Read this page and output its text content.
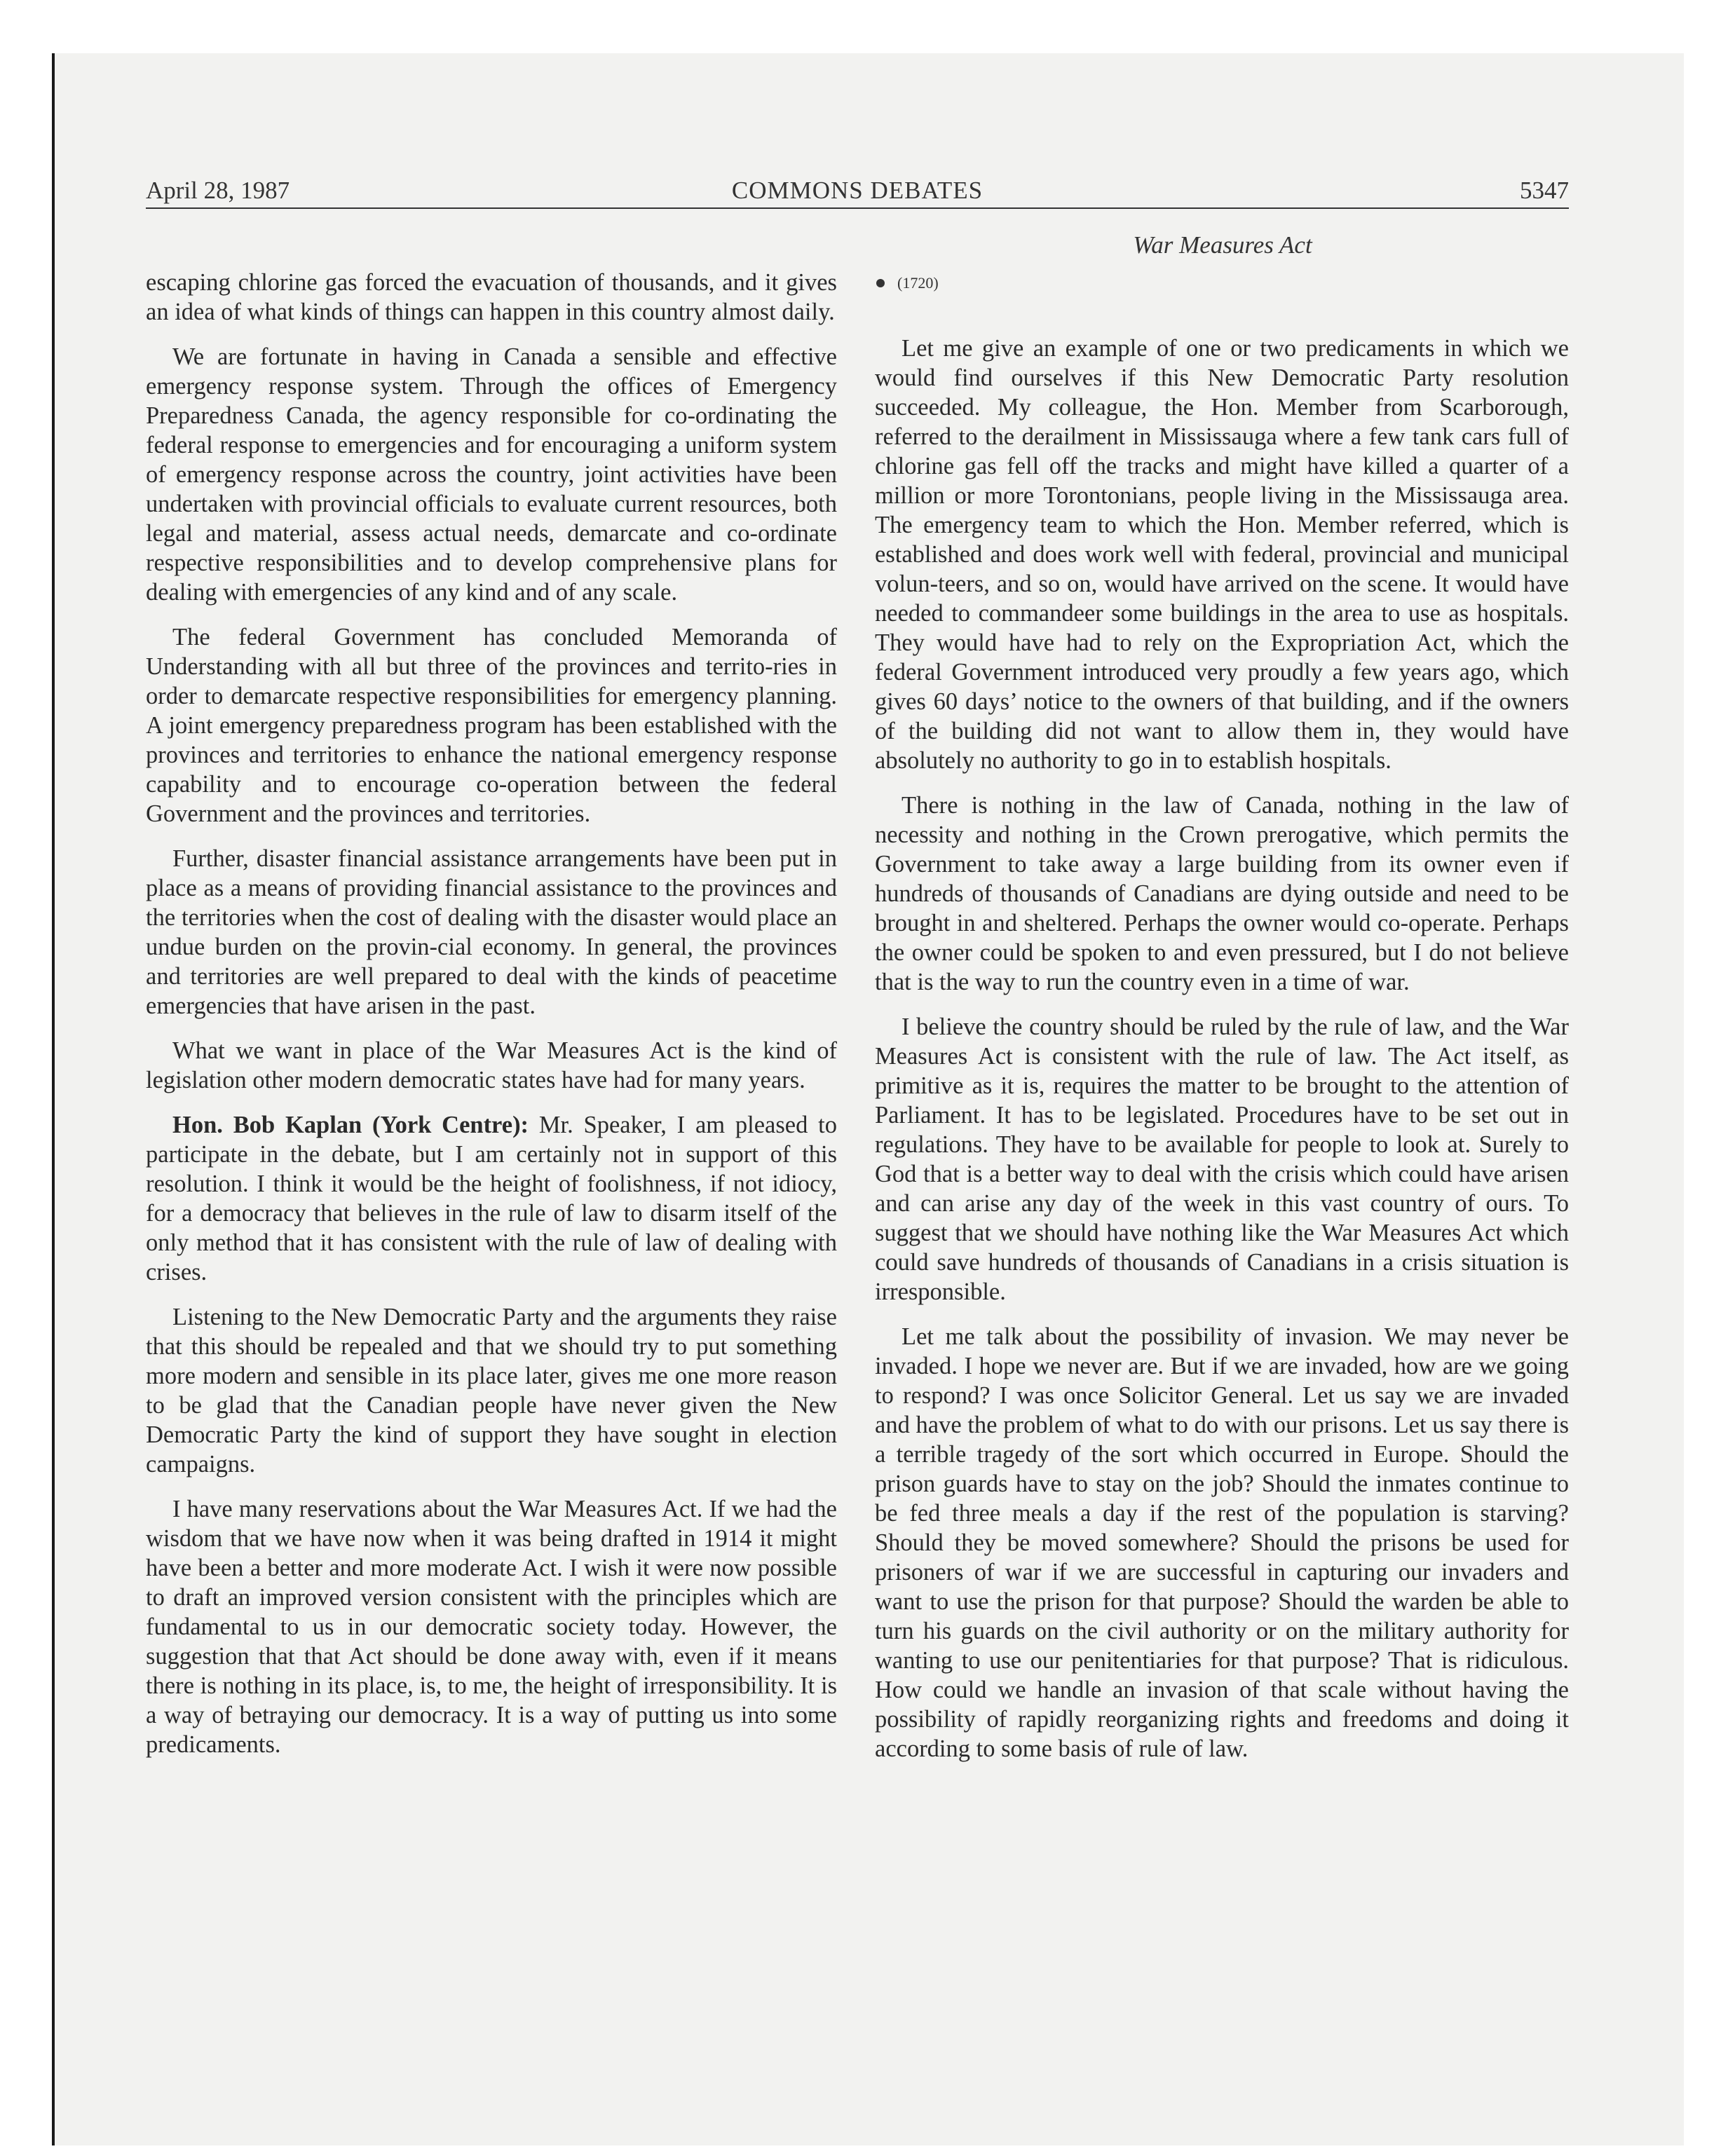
April 28, 1987	COMMONS DEBATES	5347
War Measures Act

escaping chlorine gas forced the evacuation of thousands, and it gives an idea of what kinds of things can happen in this country almost daily.

We are fortunate in having in Canada a sensible and effective emergency response system. Through the offices of Emergency Preparedness Canada, the agency responsible for co-ordinating the federal response to emergencies and for encouraging a uniform system of emergency response across the country, joint activities have been undertaken with provincial officials to evaluate current resources, both legal and material, assess actual needs, demarcate and co-ordinate respective responsibilities and to develop comprehensive plans for dealing with emergencies of any kind and of any scale.

The federal Government has concluded Memoranda of Understanding with all but three of the provinces and territo-ries in order to demarcate respective responsibilities for emergency planning. A joint emergency preparedness program has been established with the provinces and territories to enhance the national emergency response capability and to encourage co-operation between the federal Government and the provinces and territories.

Further, disaster financial assistance arrangements have been put in place as a means of providing financial assistance to the provinces and the territories when the cost of dealing with the disaster would place an undue burden on the provin-cial economy. In general, the provinces and territories are well prepared to deal with the kinds of peacetime emergencies that have arisen in the past.

What we want in place of the War Measures Act is the kind of legislation other modern democratic states have had for many years.

Hon. Bob Kaplan (York Centre): Mr. Speaker, I am pleased to participate in the debate, but I am certainly not in support of this resolution. I think it would be the height of foolishness, if not idiocy, for a democracy that believes in the rule of law to disarm itself of the only method that it has consistent with the rule of law of dealing with crises.

Listening to the New Democratic Party and the arguments they raise that this should be repealed and that we should try to put something more modern and sensible in its place later, gives me one more reason to be glad that the Canadian people have never given the New Democratic Party the kind of support they have sought in election campaigns.

I have many reservations about the War Measures Act. If we had the wisdom that we have now when it was being drafted in 1914 it might have been a better and more moderate Act. I wish it were now possible to draft an improved version consistent with the principles which are fundamental to us in our democratic society today. However, the suggestion that that Act should be done away with, even if it means there is nothing in its place, is, to me, the height of irresponsibility. It is a way of betraying our democracy. It is a way of putting us into some predicaments.

(1720)

Let me give an example of one or two predicaments in which we would find ourselves if this New Democratic Party resolution succeeded. My colleague, the Hon. Member from Scarborough, referred to the derailment in Mississauga where a few tank cars full of chlorine gas fell off the tracks and might have killed a quarter of a million or more Torontonians, people living in the Mississauga area. The emergency team to which the Hon. Member referred, which is established and does work well with federal, provincial and municipal volun-teers, and so on, would have arrived on the scene. It would have needed to commandeer some buildings in the area to use as hospitals. They would have had to rely on the Expropriation Act, which the federal Government introduced very proudly a few years ago, which gives 60 days’ notice to the owners of that building, and if the owners of the building did not want to allow them in, they would have absolutely no authority to go in to establish hospitals.

There is nothing in the law of Canada, nothing in the law of necessity and nothing in the Crown prerogative, which permits the Government to take away a large building from its owner even if hundreds of thousands of Canadians are dying outside and need to be brought in and sheltered. Perhaps the owner would co-operate. Perhaps the owner could be spoken to and even pressured, but I do not believe that is the way to run the country even in a time of war.

I believe the country should be ruled by the rule of law, and the War Measures Act is consistent with the rule of law. The Act itself, as primitive as it is, requires the matter to be brought to the attention of Parliament. It has to be legislated. Procedures have to be set out in regulations. They have to be available for people to look at. Surely to God that is a better way to deal with the crisis which could have arisen and can arise any day of the week in this vast country of ours. To suggest that we should have nothing like the War Measures Act which could save hundreds of thousands of Canadians in a crisis situation is irresponsible.

Let me talk about the possibility of invasion. We may never be invaded. I hope we never are. But if we are invaded, how are we going to respond? I was once Solicitor General. Let us say we are invaded and have the problem of what to do with our prisons. Let us say there is a terrible tragedy of the sort which occurred in Europe. Should the prison guards have to stay on the job? Should the inmates continue to be fed three meals a day if the rest of the population is starving? Should they be moved somewhere? Should the prisons be used for prisoners of war if we are successful in capturing our invaders and want to use the prison for that purpose? Should the warden be able to turn his guards on the civil authority or on the military authority for wanting to use our penitentiaries for that purpose? That is ridiculous. How could we handle an invasion of that scale without having the possibility of rapidly reorganizing rights and freedoms and doing it according to some basis of rule of law.
